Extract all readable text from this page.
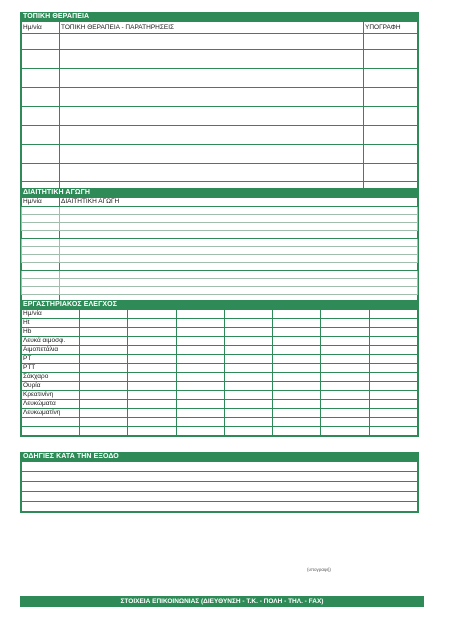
ΤΟΠΙΚΗ ΘΕΡΑΠΕΙΑ
Ημ/νία	ΤΟΠΙΚΗ ΘΕΡΑΠΕΙΑ - ΠΑΡΑΤΗΡΗΣΕΙΣ	ΥΠΟΓΡΑΦΗ

ΔΙΑΙΤΗΤΙΚΗ ΑΓΩΓΗ
Ημ/νία	ΔΙΑΙΤΗΤΙΚΗ ΑΓΩΓΗ

ΕΡΓΑΣΤΗΡΙΑΚΟΣ ΕΛΕΓΧΟΣ
Ημ/νία							
Ht							
Hb							
Λευκά αιμοσφ.							
Αιμοπετάλια							
PT							
PTT							
Σάκχαρο							
Ουρία							
Κρεατινίνη							
Λευκώματα							
Λευκωματίνη							

ΟΔΗΓΙΕΣ ΚΑΤΑ ΤΗΝ ΕΞΟΔΟ

(υπογραφή)
ΣΤΟΙΧΕΙΑ ΕΠΙΚΟΙΝΩΝΙΑΣ (ΔΙΕΥΘΥΝΣΗ - Τ.Κ. - ΠΟΛΗ - ΤΗΛ. - FAX)
